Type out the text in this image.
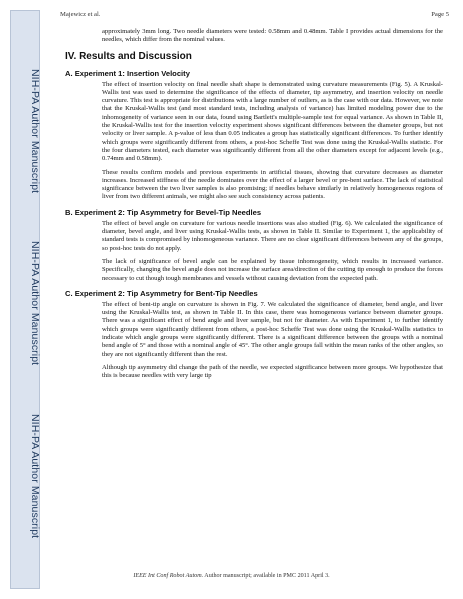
NIH-PA Author Manuscript
NIH-PA Author Manuscript
NIH-PA Author Manuscript
Majewicz et al.	Page 5

approximately 3mm long. Two needle diameters were tested: 0.58mm and 0.48mm. Table I provides actual dimensions for the needles, which differ from the nominal values.

IV. Results and Discussion
A. Experiment 1: Insertion Velocity

The effect of insertion velocity on final needle shaft shape is demonstrated using curvature measurements (Fig. 5). A Kruskal-Wallis test was used to determine the significance of the effects of diameter, tip asymmetry, and insertion velocity on needle curvature. This test is appropriate for distributions with a large number of outliers, as is the case with our data. However, we note that the Kruskal-Wallis test (and most standard tests, including analysis of variance) has limited modeling power due to the inhomogeneity of variance seen in our data, found using Bartlett's multiple-sample test for equal variance. As shown in Table II, the Kruskal-Wallis test for the insertion velocity experiment shows significant differences between the diameter groups, but not velocity or liver sample. A p-value of less than 0.05 indicates a group has statistically significant differences. To further identify which groups were significantly different from others, a post-hoc Scheffe Test was done using the Kruskal-Wallis statistic. For the four diameters tested, each diameter was significantly different from all the other diameters except for adjacent levels (e.g., 0.74mm and 0.58mm).

These results confirm models and previous experiments in artificial tissues, showing that curvature decreases as diameter increases. Increased stiffness of the needle dominates over the effect of a larger bevel or pre-bent surface. The lack of statistical significance between the two liver samples is also promising; if needles behave similarly in relatively homogeneous regions of liver from two different animals, we might also see such consistency across patients.

B. Experiment 2: Tip Asymmetry for Bevel-Tip Needles

The effect of bevel angle on curvature for various needle insertions was also studied (Fig. 6). We calculated the significance of diameter, bevel angle, and liver using Kruskal-Wallis tests, as shown in Table II. Similar to Experiment 1, the applicability of standard tests is compromised by inhomogeneous variance. There are no clear significant differences between any of the groups, so post-hoc tests do not apply.

The lack of significance of bevel angle can be explained by tissue inhomogeneity, which results in increased variance. Specifically, changing the bevel angle does not increase the surface area/direction of the cutting tip enough to produce the forces necessary to cut though tough membranes and vessels without causing deviation from the expected path.

C. Experiment 2: Tip Asymmetry for Bent-Tip Needles

The effect of bent-tip angle on curvature is shown in Fig. 7. We calculated the significance of diameter, bend angle, and liver using the Kruskal-Wallis test, as shown in Table II. In this case, there was homogeneous variance between diameter groups. There was a significant effect of bend angle and liver sample, but not for diameter. As with Experiment 1, to further identify which groups were significantly different from others, a post-hoc Scheffe Test was done using the Kruskal-Wallis statistics to indicate which angle groups were significantly different. There is a significant difference between the groups with a nominal bend angle of 5° and those with a nominal angle of 45°. The other angle groups fall within the mean ranks of the other angles, so they are not significantly different than the rest.

Although tip asymmetry did change the path of the needle, we expected significance between more groups. We hypothesize that this is because needles with very large tip

IEEE Int Conf Robot Autom. Author manuscript; available in PMC 2011 April 3.
